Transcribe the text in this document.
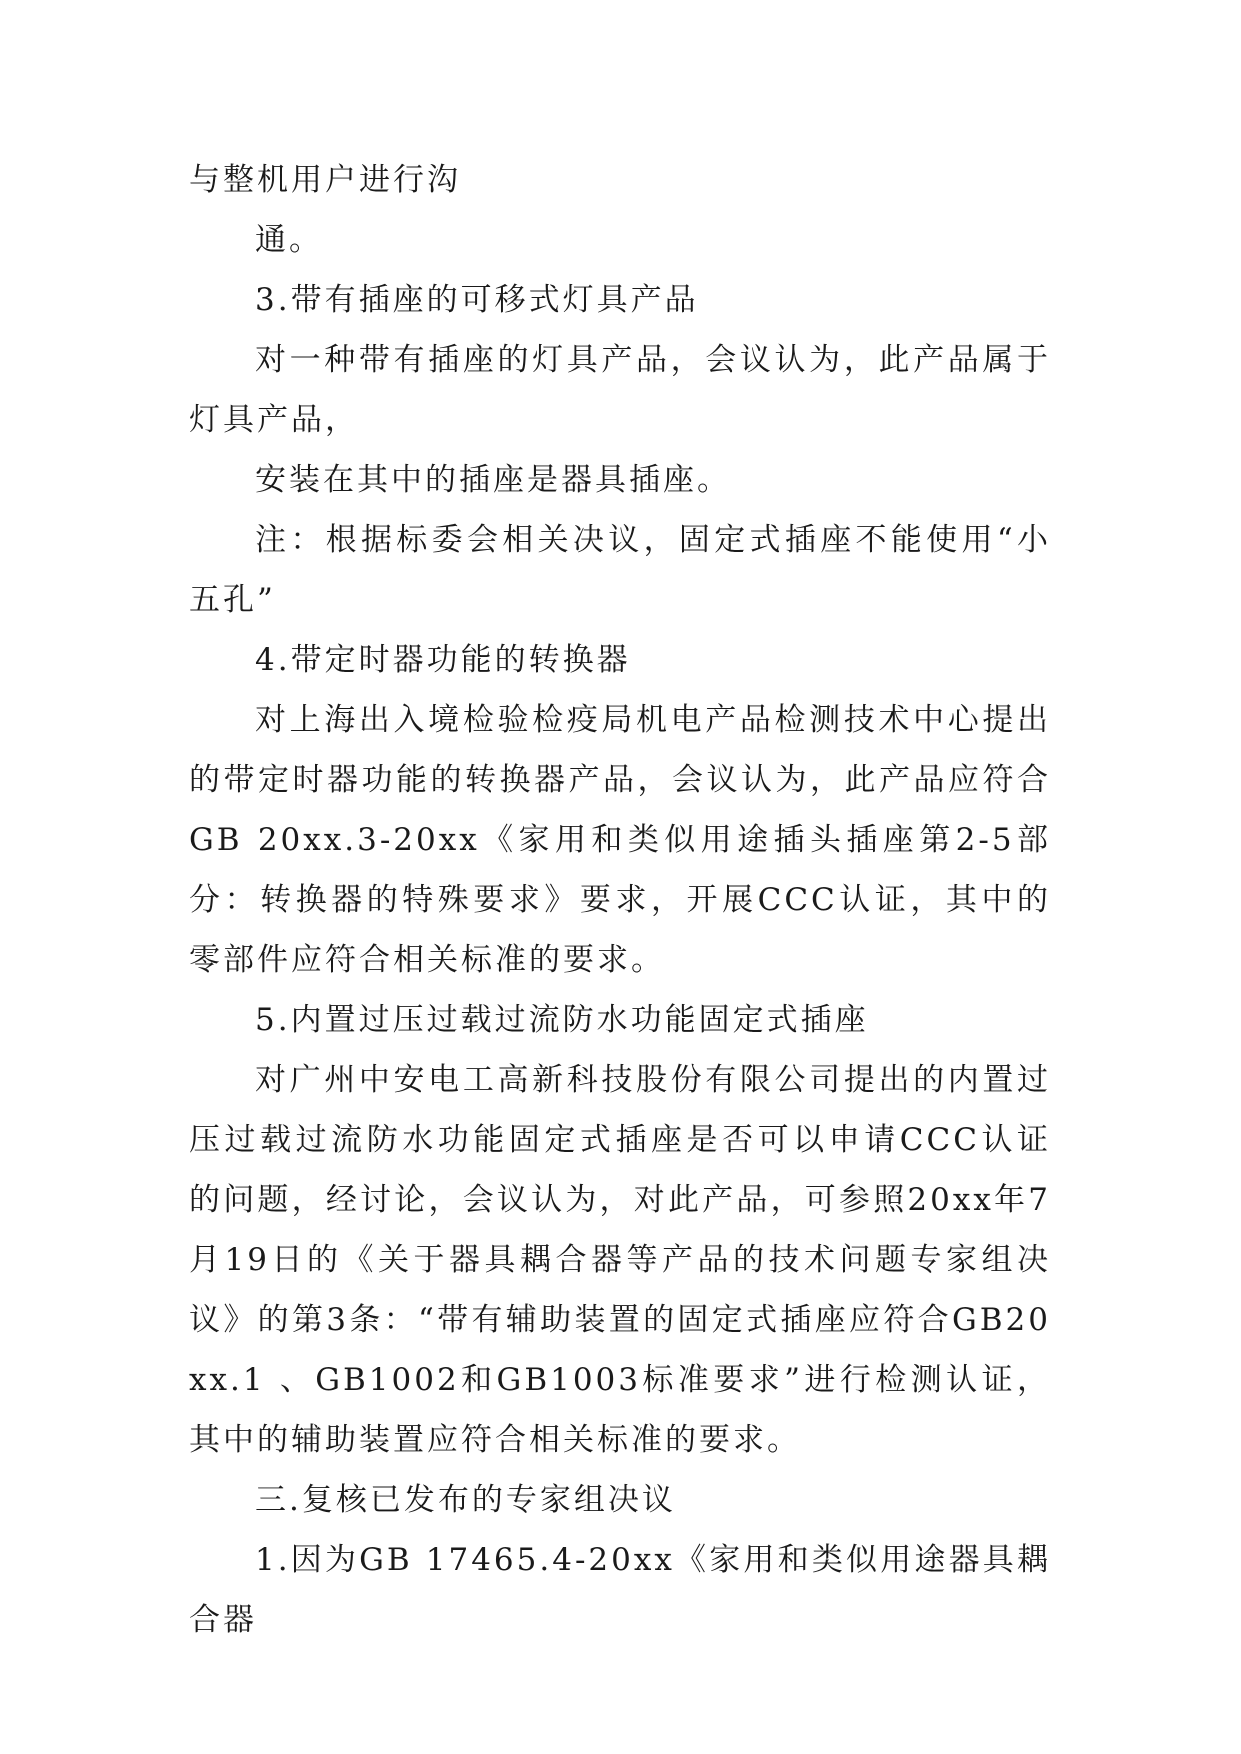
与整机用户进行沟

通。

3.带有插座的可移式灯具产品

对一种带有插座的灯具产品，会议认为，此产品属于灯具产品，

安装在其中的插座是器具插座。

注：根据标委会相关决议，固定式插座不能使用“小五孔”

4.带定时器功能的转换器

对上海出入境检验检疫局机电产品检测技术中心提出的带定时器功能的转换器产品，会议认为，此产品应符合GB 20xx.3-20xx《家用和类似用途插头插座第2-5部分：转换器的特殊要求》要求，开展CCC认证，其中的零部件应符合相关标准的要求。

5.内置过压过载过流防水功能固定式插座

对广州中安电工高新科技股份有限公司提出的内置过压过载过流防水功能固定式插座是否可以申请CCC认证的问题，经讨论，会议认为，对此产品，可参照20xx年7月19日的《关于器具耦合器等产品的技术问题专家组决议》的第3条：“带有辅助装置的固定式插座应符合GB20xx.1 、GB1002和GB1003标准要求”进行检测认证，其中的辅助装置应符合相关标准的要求。

三.复核已发布的专家组决议

1.因为GB 17465.4-20xx《家用和类似用途器具耦合器
